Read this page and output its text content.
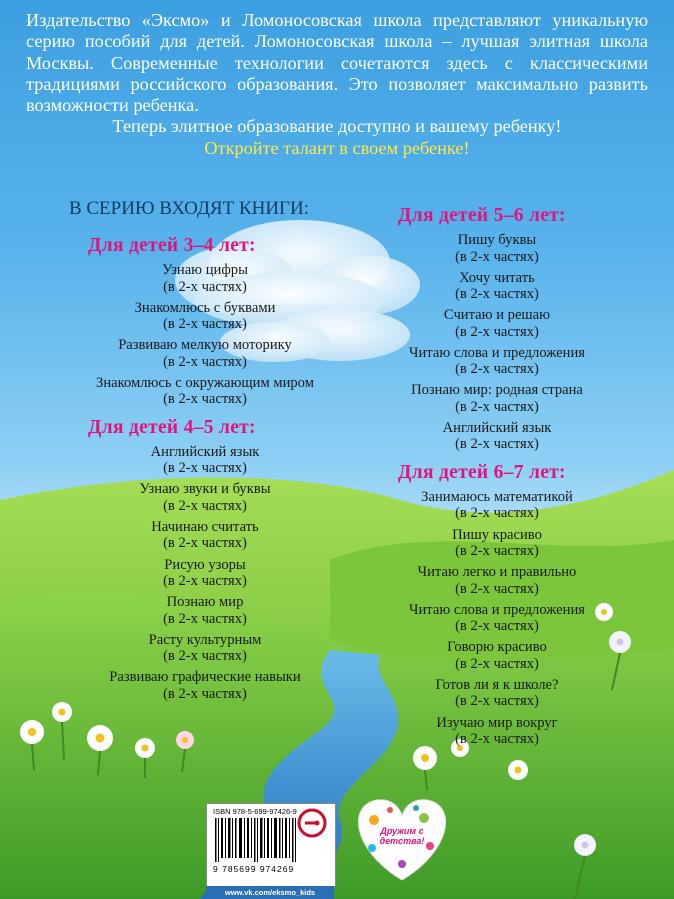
Дружим с детства!

Издательство «Эксмо» и Ломоносовская школа представляют уникальную серию пособий для детей. Ломоносовская школа – лучшая элитная школа Москвы. Современные технологии сочетаются здесь с классическими традициями российского образования. Это позволяет максимально развить возможности ребенка.

Теперь элитное образование доступно и вашему ребенку!

Откройте талант в своем ребенке!

В СЕРИЮ ВХОДЯТ КНИГИ:
Для детей 3–4 лет:
Узнаю цифры
(в 2-х частях)
Знакомлюсь с буквами
(в 2-х частях)
Развиваю мелкую моторику
(в 2-х частях)
Знакомлюсь с окружающим миром
(в 2-х частях)
Для детей 4–5 лет:
Английский язык
(в 2-х частях)
Узнаю звуки и буквы
(в 2-х частях)
Начинаю считать
(в 2-х частях)
Рисую узоры
(в 2-х частях)
Познаю мир
(в 2-х частях)
Расту культурным
(в 2-х частях)
Развиваю графические навыки
(в 2-х частях)
Для детей 5–6 лет:
Пишу буквы
(в 2-х частях)
Хочу читать
(в 2-х частях)
Считаю и решаю
(в 2-х частях)
Читаю слова и предложения
(в 2-х частях)
Познаю мир: родная страна
(в 2-х частях)
Английский язык
(в 2-х частях)
Для детей 6–7 лет:
Занимаюсь математикой
(в 2-х частях)
Пишу красиво
(в 2-х частях)
Читаю легко и правильно
(в 2-х частях)
Читаю слова и предложения
(в 2-х частях)
Говорю красиво
(в 2-х частях)
Готов ли я к школе?
(в 2-х частях)
Изучаю мир вокруг
(в 2-х частях)
ISBN 978-5-699-97426-9
9 785699 974269
www.vk.com/eksmo_kids
